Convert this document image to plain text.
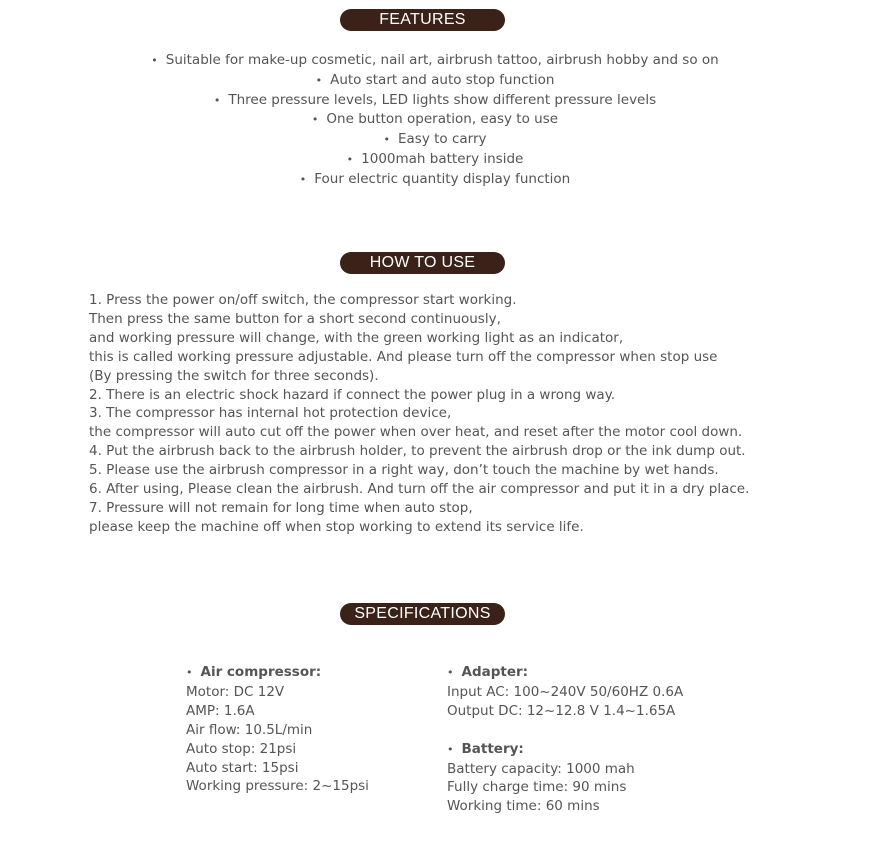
FEATURES
• Suitable for make-up cosmetic, nail art, airbrush tattoo, airbrush hobby and so on
• Auto start and auto stop function
• Three pressure levels, LED lights show different pressure levels
• One button operation, easy to use
• Easy to carry
• 1000mah battery inside
• Four electric quantity display function
HOW TO USE
1. Press the power on/off switch, the compressor start working.
Then press the same button for a short second continuously,
and working pressure will change, with the green working light as an indicator,
this is called working pressure adjustable. And please turn off the compressor when stop use
(By pressing the switch for three seconds).
2. There is an electric shock hazard if connect the power plug in a wrong way.
3. The compressor has internal hot protection device,
the compressor will auto cut off the power when over heat, and reset after the motor cool down.
4. Put the airbrush back to the airbrush holder, to prevent the airbrush drop or the ink dump out.
5. Please use the airbrush compressor in a right way, don’t touch the machine by wet hands.
6. After using, Please clean the airbrush. And turn off the air compressor and put it in a dry place.
7. Pressure will not remain for long time when auto stop,
please keep the machine off when stop working to extend its service life.
SPECIFICATIONS
• Air compressor:
Motor: DC 12V
AMP: 1.6A
Air flow: 10.5L/min
Auto stop: 21psi
Auto start: 15psi
Working pressure: 2~15psi
• Adapter:
Input AC: 100~240V 50/60HZ 0.6A
Output DC: 12~12.8 V 1.4~1.65A
• Battery:
Battery capacity: 1000 mah
Fully charge time: 90 mins
Working time: 60 mins
